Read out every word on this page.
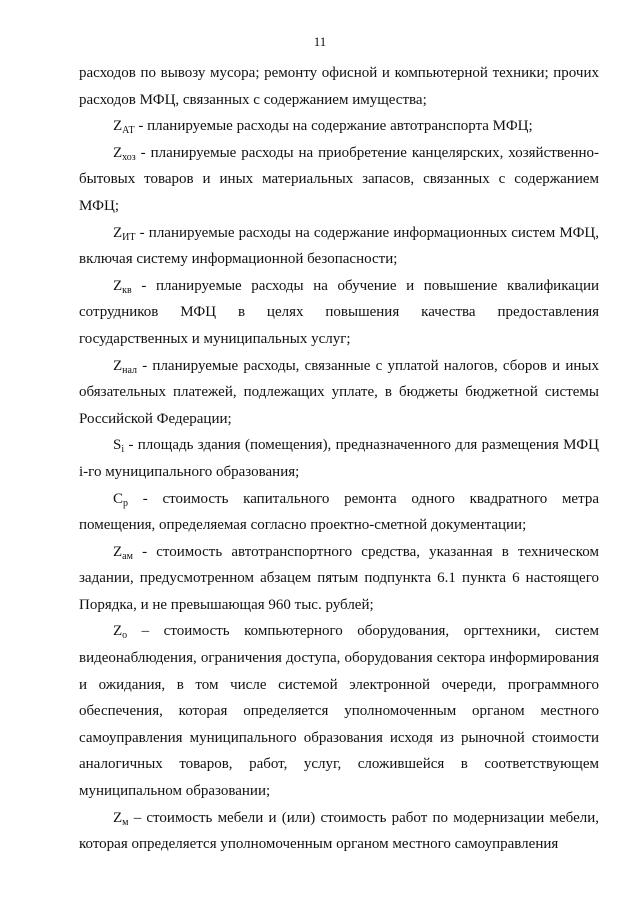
11

расходов по вывозу мусора; ремонту офисной и компьютерной техники; прочих расходов МФЦ, связанных с содержанием имущества;

$Z_{АТ}$ - планируемые расходы на содержание автотранспорта МФЦ;

$Z_{хоз}$ - планируемые расходы на приобретение канцелярских, хозяйственно-бытовых товаров и иных материальных запасов, связанных с содержанием МФЦ;

$Z_{ИТ}$ - планируемые расходы на содержание информационных систем МФЦ, включая систему информационной безопасности;

$Z_{кв}$ - планируемые расходы на обучение и повышение квалификации сотрудников МФЦ в целях повышения качества предоставления государственных и муниципальных услуг;

$Z_{нал}$ - планируемые расходы, связанные с уплатой налогов, сборов и иных обязательных платежей, подлежащих уплате, в бюджеты бюджетной системы Российской Федерации;

$S_i$ - площадь здания (помещения), предназначенного для размещения МФЦ i-го муниципального образования;

$C_р$ - стоимость капитального ремонта одного квадратного метра помещения, определяемая согласно проектно-сметной документации;

$Z_{ам}$ - стоимость автотранспортного средства, указанная в техническом задании, предусмотренном абзацем пятым подпункта 6.1 пункта 6 настоящего Порядка, и не превышающая 960 тыс. рублей;

$Z_о$ – стоимость компьютерного оборудования, оргтехники, систем видеонаблюдения, ограничения доступа, оборудования сектора информирования и ожидания, в том числе системой электронной очереди, программного обеспечения, которая определяется уполномоченным органом местного самоуправления муниципального образования исходя из рыночной стоимости аналогичных товаров, работ, услуг, сложившейся в соответствующем муниципальном образовании;

$Z_м$ – стоимость мебели и (или) стоимость работ по модернизации мебели, которая определяется уполномоченным органом местного самоуправления
